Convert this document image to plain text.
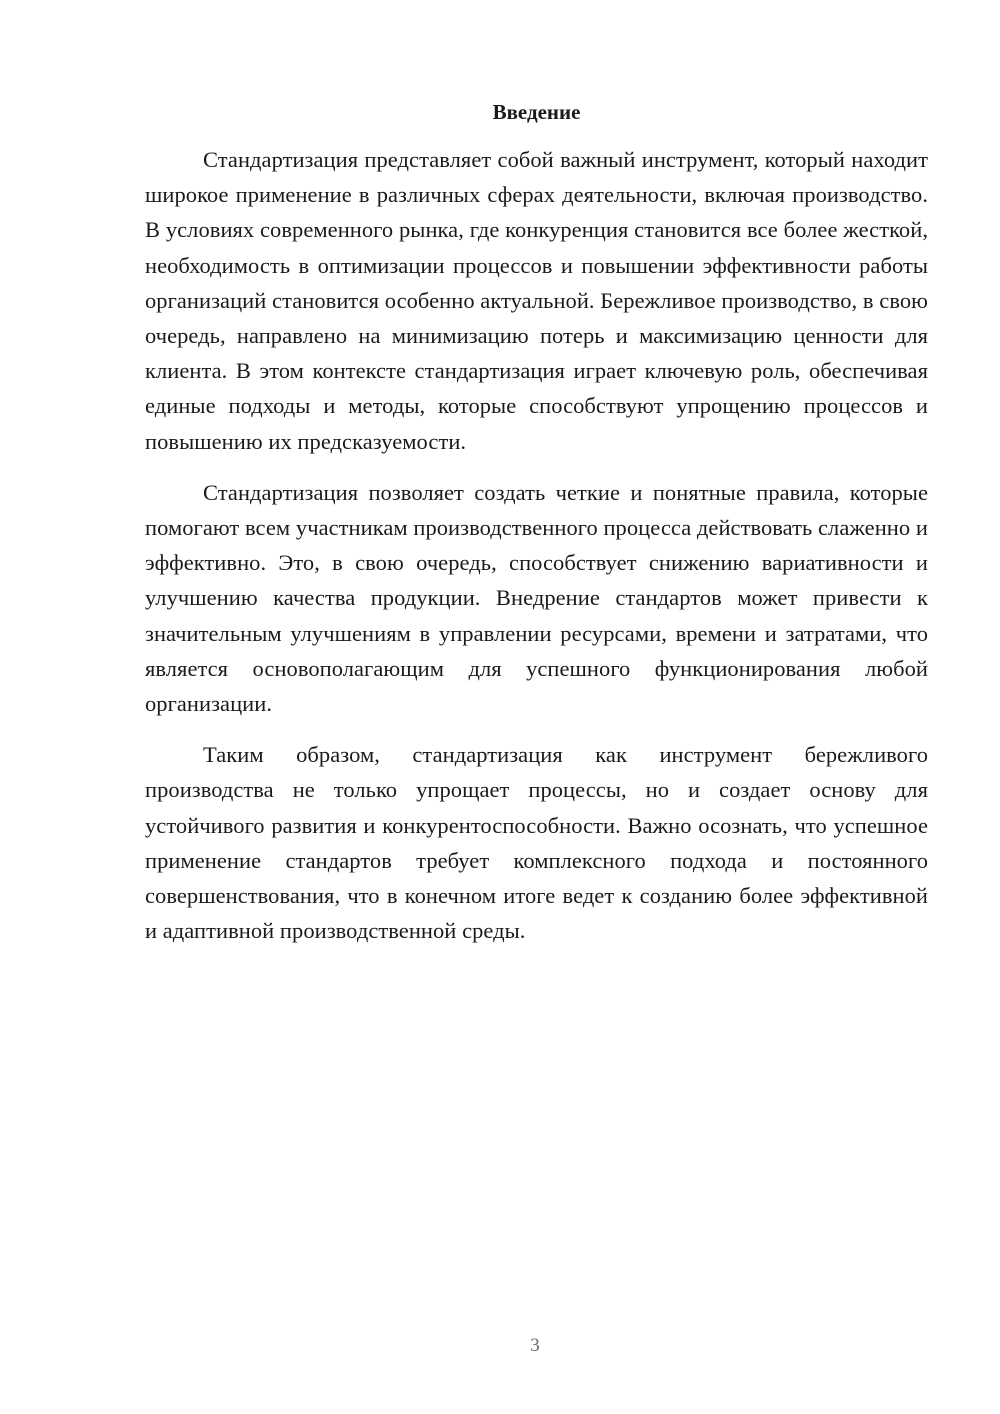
Введение

Стандартизация представляет собой важный инструмент, который находит широкое применение в различных сферах деятельности, включая производство. В условиях современного рынка, где конкуренция становится все более жесткой, необходимость в оптимизации процессов и повышении эффективности работы организаций становится особенно актуальной. Бережливое производство, в свою очередь, направлено на минимизацию потерь и максимизацию ценности для клиента. В этом контексте стандартизация играет ключевую роль, обеспечивая единые подходы и методы, которые способствуют упрощению процессов и повышению их предсказуемости.

Стандартизация позволяет создать четкие и понятные правила, которые помогают всем участникам производственного процесса действовать слаженно и эффективно. Это, в свою очередь, способствует снижению вариативности и улучшению качества продукции. Внедрение стандартов может привести к значительным улучшениям в управлении ресурсами, времени и затратами, что является основополагающим для успешного функционирования любой организации.

Таким образом, стандартизация как инструмент бережливого производства не только упрощает процессы, но и создает основу для устойчивого развития и конкурентоспособности. Важно осознать, что успешное применение стандартов требует комплексного подхода и постоянного совершенствования, что в конечном итоге ведет к созданию более эффективной и адаптивной производственной среды.

3
